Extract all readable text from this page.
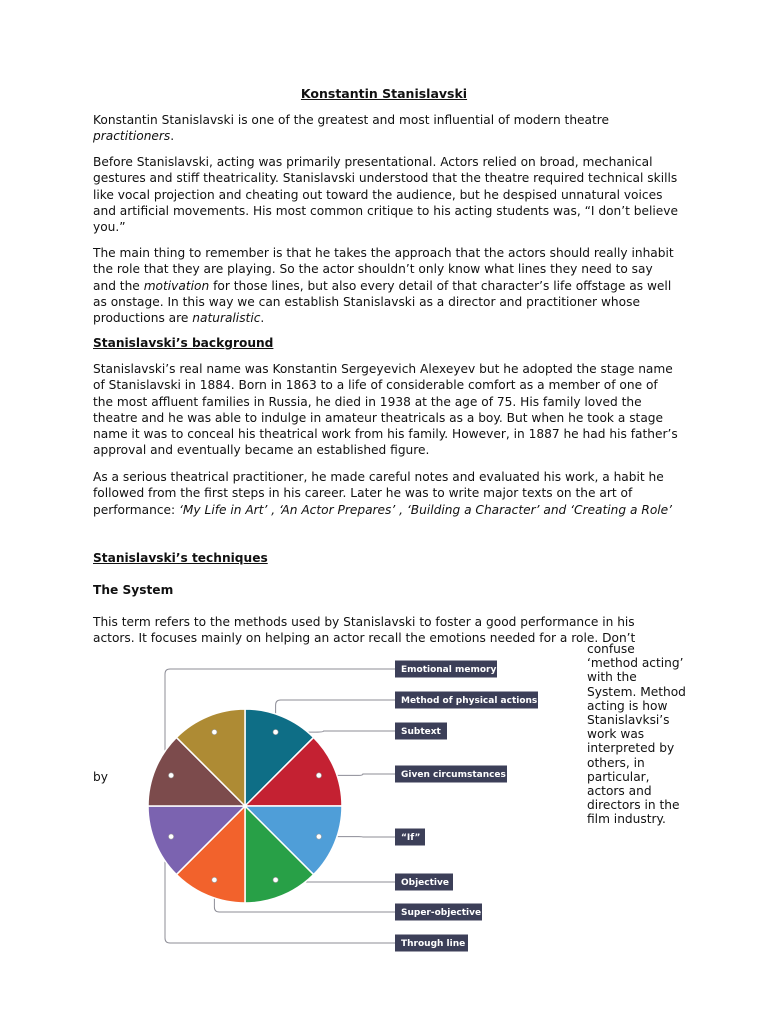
Konstantin Stanislavski

Konstantin Stanislavski is one of the greatest and most influential of modern theatre practitioners.

Before Stanislavski, acting was primarily presentational. Actors relied on broad, mechanical gestures and stiff theatricality. Stanislavski understood that the theatre required technical skills like vocal projection and cheating out toward the audience, but he despised unnatural voices and artificial movements. His most common critique to his acting students was, “I don’t believe you.”

The main thing to remember is that he takes the approach that the actors should really inhabit the role that they are playing. So the actor shouldn’t only know what lines they need to say and the motivation for those lines, but also every detail of that character’s life offstage as well as onstage. In this way we can establish Stanislavski as a director and practitioner whose productions are naturalistic.

Stanislavski’s background

Stanislavski’s real name was Konstantin Sergeyevich Alexeyev but he adopted the stage name of Stanislavski in 1884. Born in 1863 to a life of considerable comfort as a member of one of the most affluent families in Russia, he died in 1938 at the age of 75. His family loved the theatre and he was able to indulge in amateur theatricals as a boy. But when he took a stage name it was to conceal his theatrical work from his family. However, in 1887 he had his father’s approval and eventually became an established figure.

As a serious theatrical practitioner, he made careful notes and evaluated his work, a habit he followed from the first steps in his career. Later he was to write major texts on the art of performance: ‘My Life in Art’ , ‘An Actor Prepares’ , ‘Building a Character’ and ‘Creating a Role’

Stanislavski’s techniques
The System

This term refers to the methods used by Stanislavski to foster a good performance in his actors. It focuses mainly on helping an actor recall the emotions needed for a role. Don’t

confuse ‘method acting’ with the System. Method acting is how Stanislavksi’s work was interpreted by others, in particular, actors and directors in the film industry.
by
Emotional memory
Method of physical actions
Subtext
Given circumstances
“If”
Objective
Super-objective
Through line
